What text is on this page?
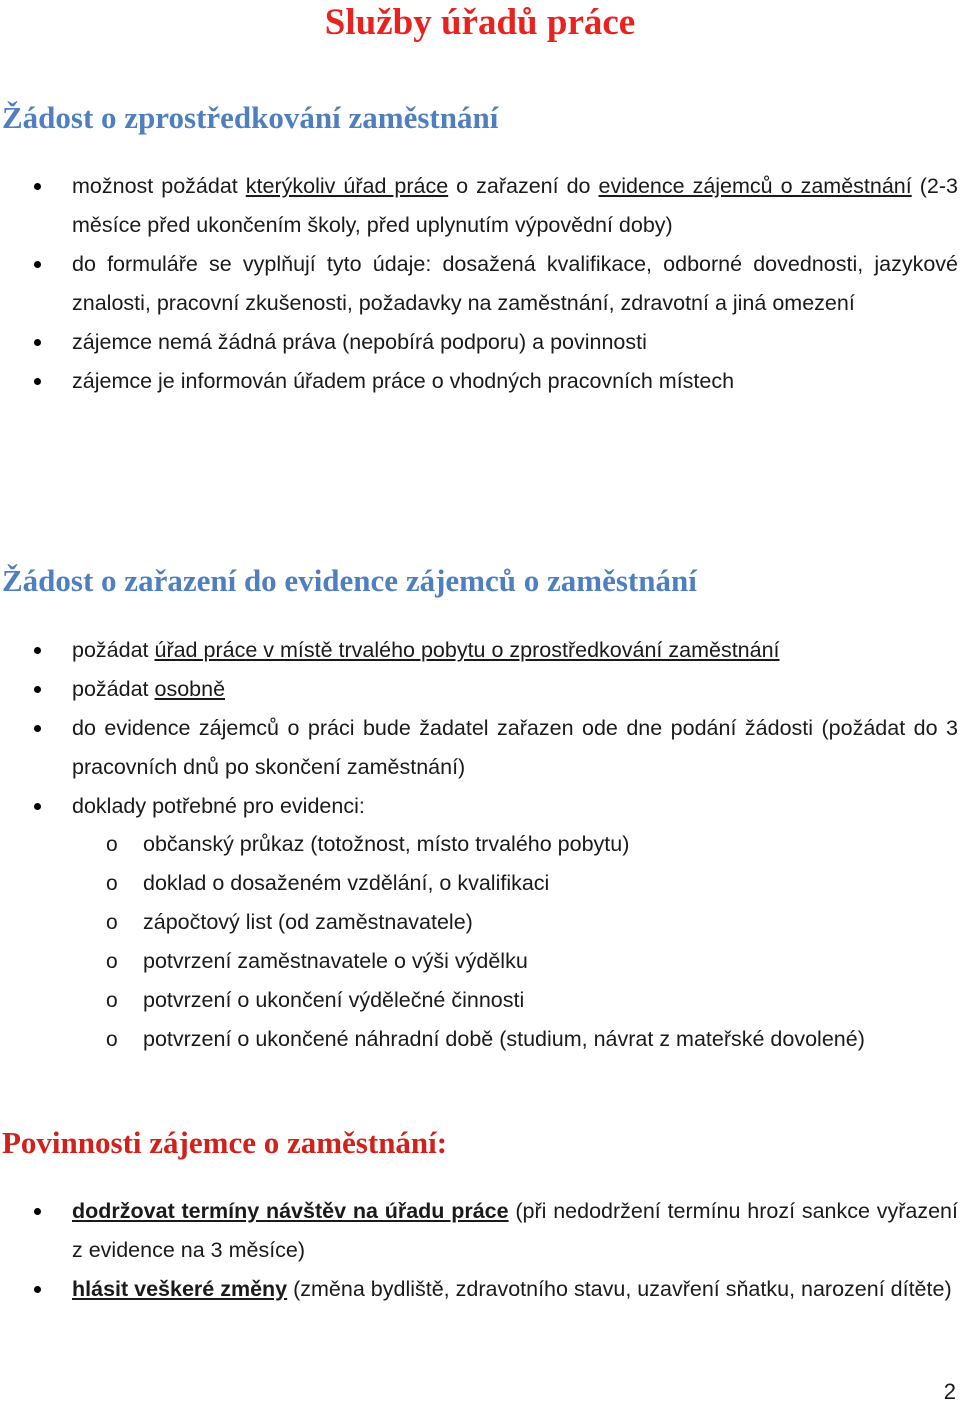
Služby úřadů práce
Žádost o zprostředkování zaměstnání
možnost požádat kterýkoliv úřad práce o zařazení do evidence zájemců o zaměstnání (2-3 měsíce před ukončením školy, před uplynutím výpovědní doby)
do formuláře se vyplňují tyto údaje: dosažená kvalifikace, odborné dovednosti, jazykové znalosti, pracovní zkušenosti, požadavky na zaměstnání, zdravotní a jiná omezení
zájemce nemá žádná práva (nepobírá podporu) a povinnosti
zájemce je informován úřadem práce o vhodných pracovních místech
Žádost o zařazení do evidence zájemců o zaměstnání
požádat úřad práce v místě trvalého pobytu o zprostředkování zaměstnání
požádat osobně
do evidence zájemců o práci bude žadatel zařazen ode dne podání žádosti (požádat do 3 pracovních dnů po skončení zaměstnání)
doklady potřebné pro evidenci:
o občanský průkaz (totožnost, místo trvalého pobytu)
o doklad o dosaženém vzdělání, o kvalifikaci
o zápočtový list (od zaměstnavatele)
o potvrzení zaměstnavatele o výši výdělku
o potvrzení o ukončení výdělečné činnosti
o potvrzení o ukončené náhradní době (studium, návrat z mateřské dovolené)
Povinnosti zájemce o zaměstnání:
dodržovat termíny návštěv na úřadu práce (při nedodržení termínu hrozí sankce vyřazení z evidence na 3 měsíce)
hlásit veškeré změny (změna bydliště, zdravotního stavu, uzavření sňatku, narození dítěte)
2
